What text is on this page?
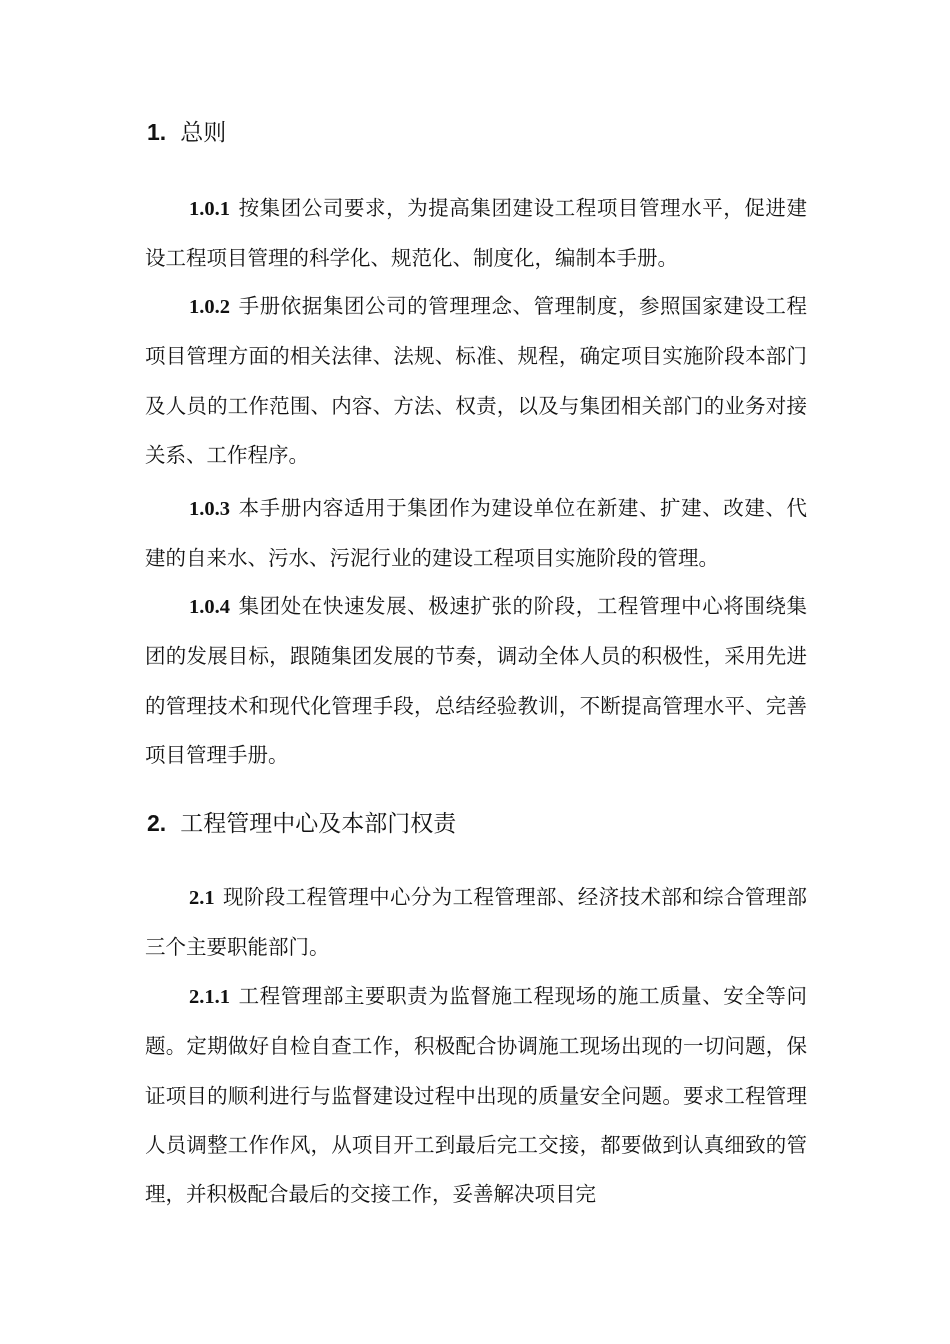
1. 总则

1.0.1 按集团公司要求，为提高集团建设工程项目管理水平，促进建设工程项目管理的科学化、规范化、制度化，编制本手册。

1.0.2 手册依据集团公司的管理理念、管理制度，参照国家建设工程项目管理方面的相关法律、法规、标准、规程，确定项目实施阶段本部门及人员的工作范围、内容、方法、权责，以及与集团相关部门的业务对接关系、工作程序。

1.0.3 本手册内容适用于集团作为建设单位在新建、扩建、改建、代建的自来水、污水、污泥行业的建设工程项目实施阶段的管理。

1.0.4 集团处在快速发展、极速扩张的阶段，工程管理中心将围绕集团的发展目标，跟随集团发展的节奏，调动全体人员的积极性，采用先进的管理技术和现代化管理手段，总结经验教训，不断提高管理水平、完善项目管理手册。

2. 工程管理中心及本部门权责

2.1 现阶段工程管理中心分为工程管理部、经济技术部和综合管理部三个主要职能部门。

2.1.1 工程管理部主要职责为监督施工程现场的施工质量、安全等问题。定期做好自检自查工作，积极配合协调施工现场出现的一切问题，保证项目的顺利进行与监督建设过程中出现的质量安全问题。要求工程管理人员调整工作作风，从项目开工到最后完工交接，都要做到认真细致的管理，并积极配合最后的交接工作，妥善解决项目完
